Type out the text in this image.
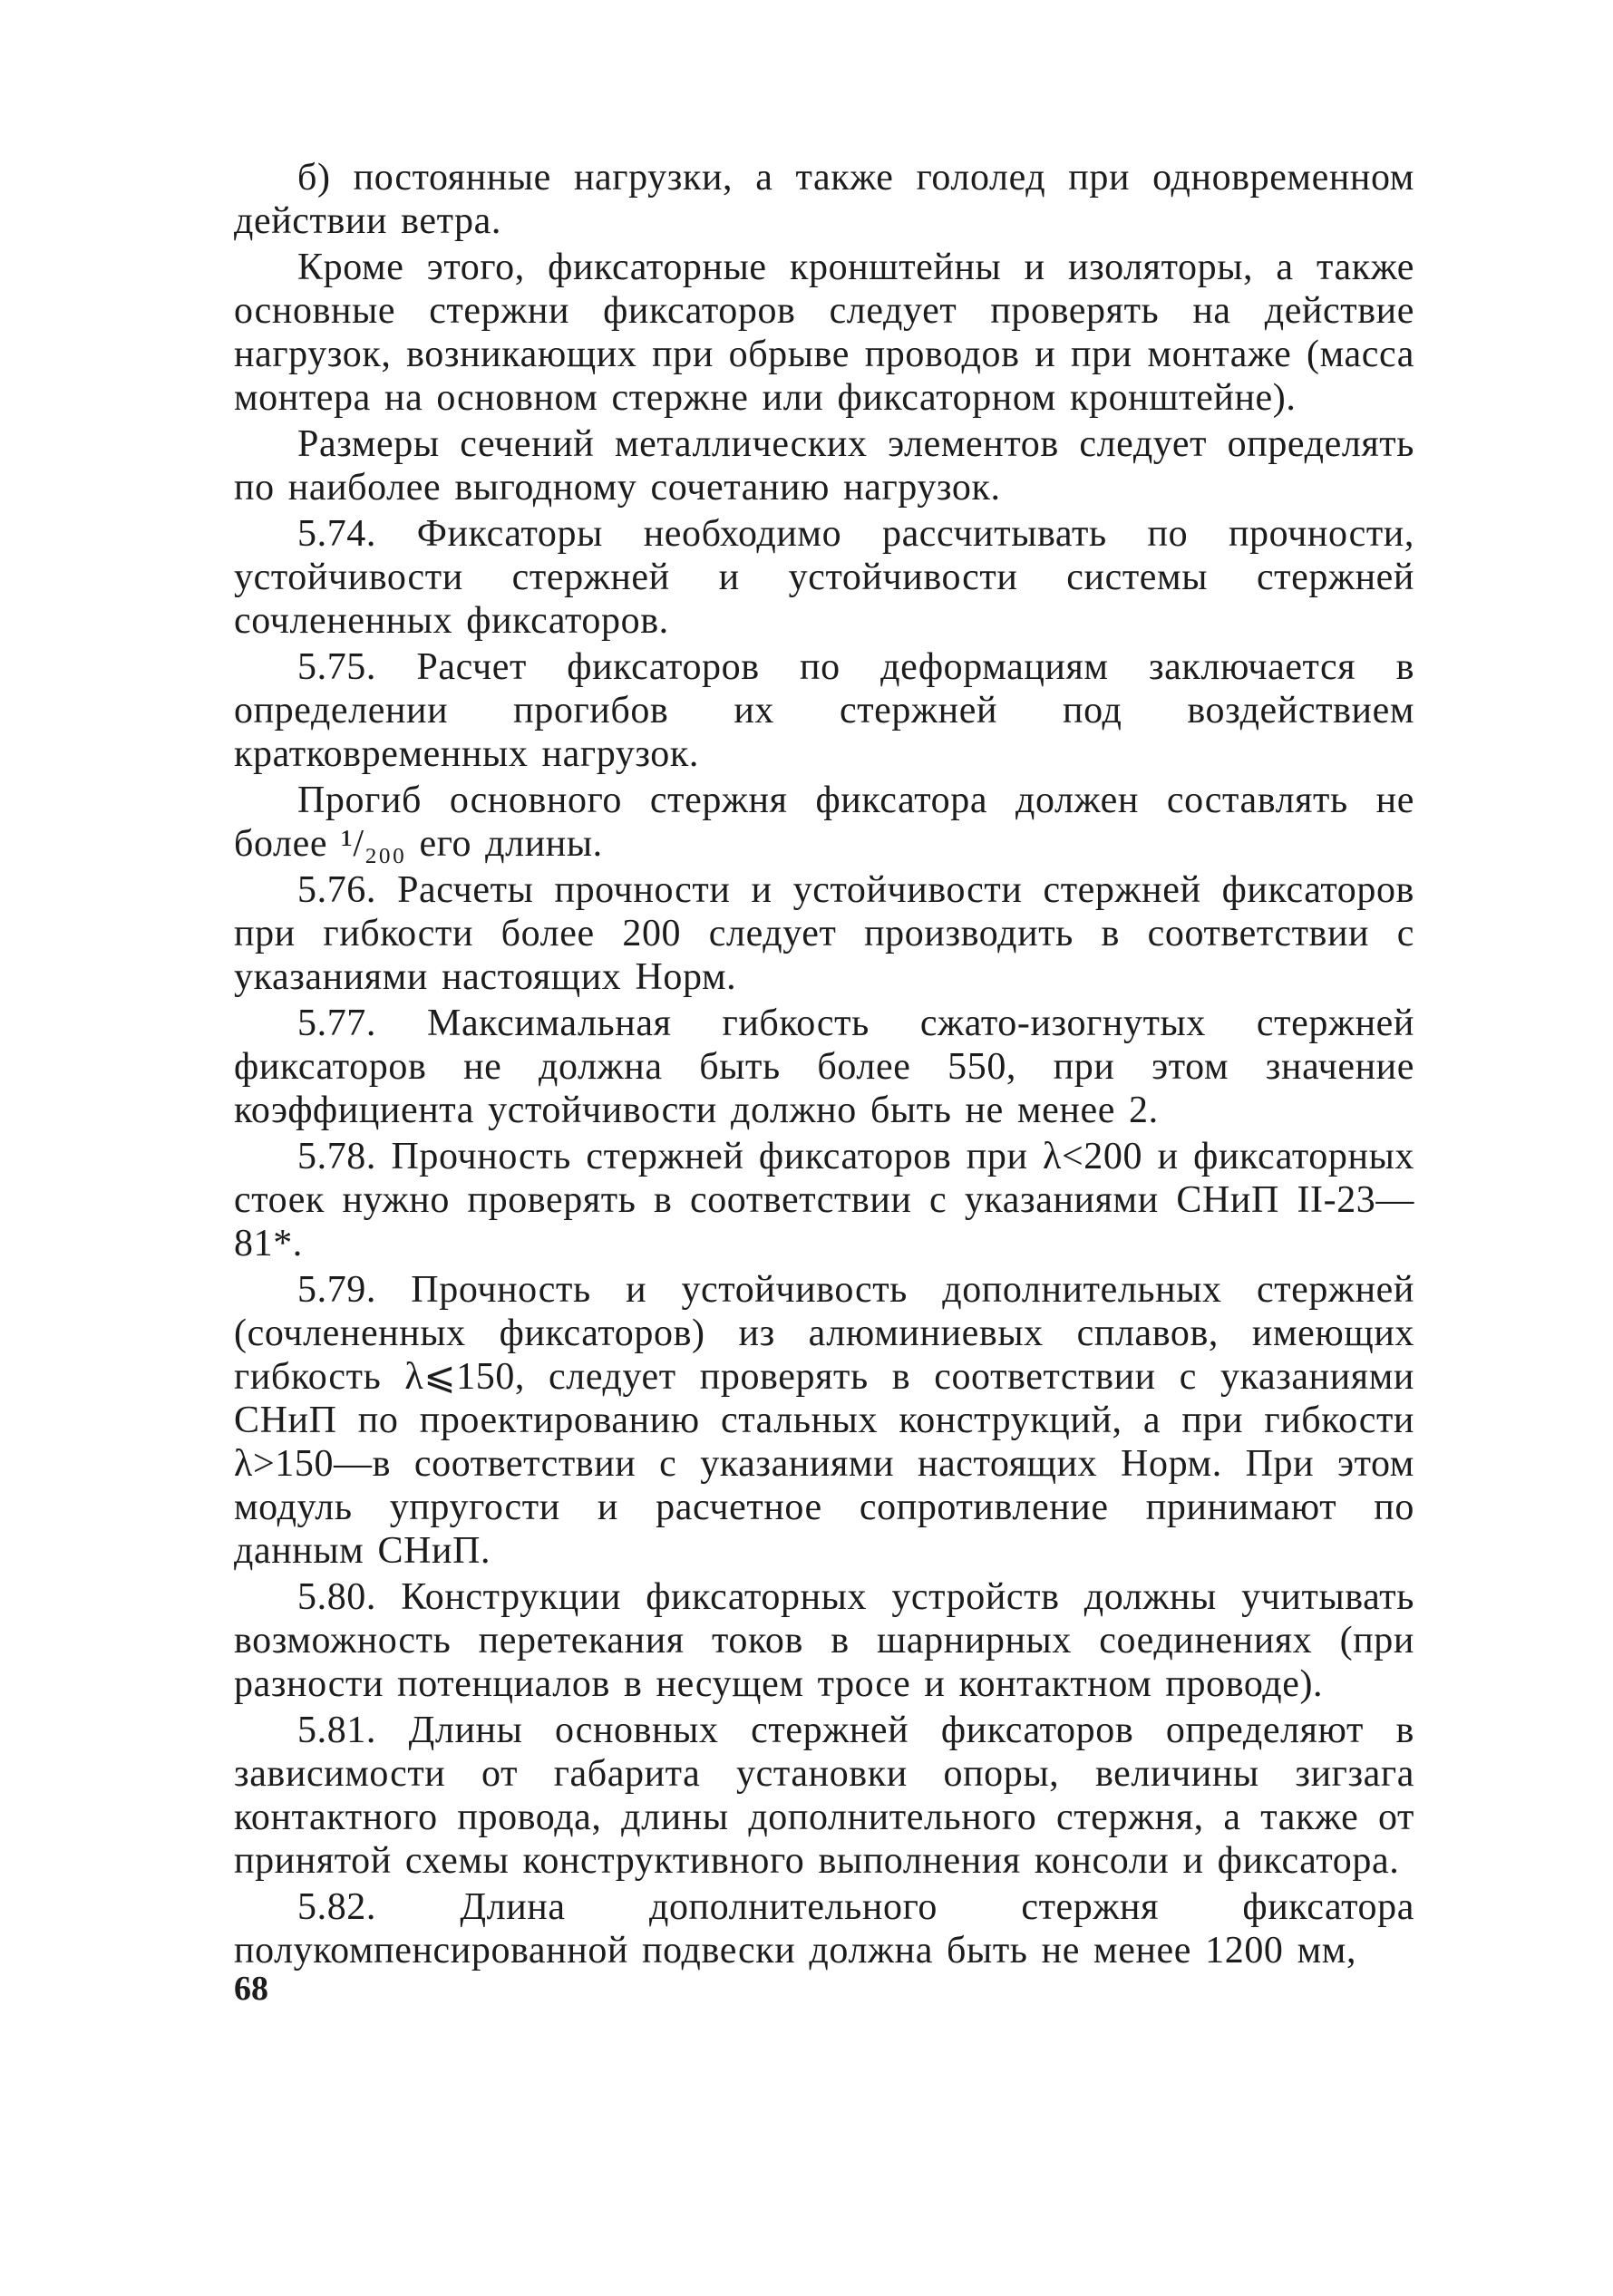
б) постоянные нагрузки, а также гололед при одновременном действии ветра.

Кроме этого, фиксаторные кронштейны и изоляторы, а также основные стержни фиксаторов следует проверять на действие нагрузок, возникающих при обрыве проводов и при монтаже (масса монтера на основном стержне или фиксаторном кронштейне).

Размеры сечений металлических элементов следует определять по наиболее выгодному сочетанию нагрузок.

5.74. Фиксаторы необходимо рассчитывать по прочности, устойчивости стержней и устойчивости системы стержней сочлененных фиксаторов.

5.75. Расчет фиксаторов по деформациям заключается в определении прогибов их стержней под воздействием кратковременных нагрузок.

Прогиб основного стержня фиксатора должен составлять не более ¹/₂₀₀ его длины.

5.76. Расчеты прочности и устойчивости стержней фиксаторов при гибкости более 200 следует производить в соответствии с указаниями настоящих Норм.

5.77. Максимальная гибкость сжато-изогнутых стержней фиксаторов не должна быть более 550, при этом значение коэффициента устойчивости должно быть не менее 2.

5.78. Прочность стержней фиксаторов при λ<200 и фиксаторных стоек нужно проверять в соответствии с указаниями СНиП II-23—81*.

5.79. Прочность и устойчивость дополнительных стержней (сочлененных фиксаторов) из алюминиевых сплавов, имеющих гибкость λ⩽150, следует проверять в соответствии с указаниями СНиП по проектированию стальных конструкций, а при гибкости λ>150—в соответствии с указаниями настоящих Норм. При этом модуль упругости и расчетное сопротивление принимают по данным СНиП.

5.80. Конструкции фиксаторных устройств должны учитывать возможность перетекания токов в шарнирных соединениях (при разности потенциалов в несущем тросе и контактном проводе).

5.81. Длины основных стержней фиксаторов определяют в зависимости от габарита установки опоры, величины зигзага контактного провода, длины дополнительного стержня, а также от принятой схемы конструктивного выполнения консоли и фиксатора.

5.82. Длина дополнительного стержня фиксатора полукомпенсированной подвески должна быть не менее 1200 мм,

68
